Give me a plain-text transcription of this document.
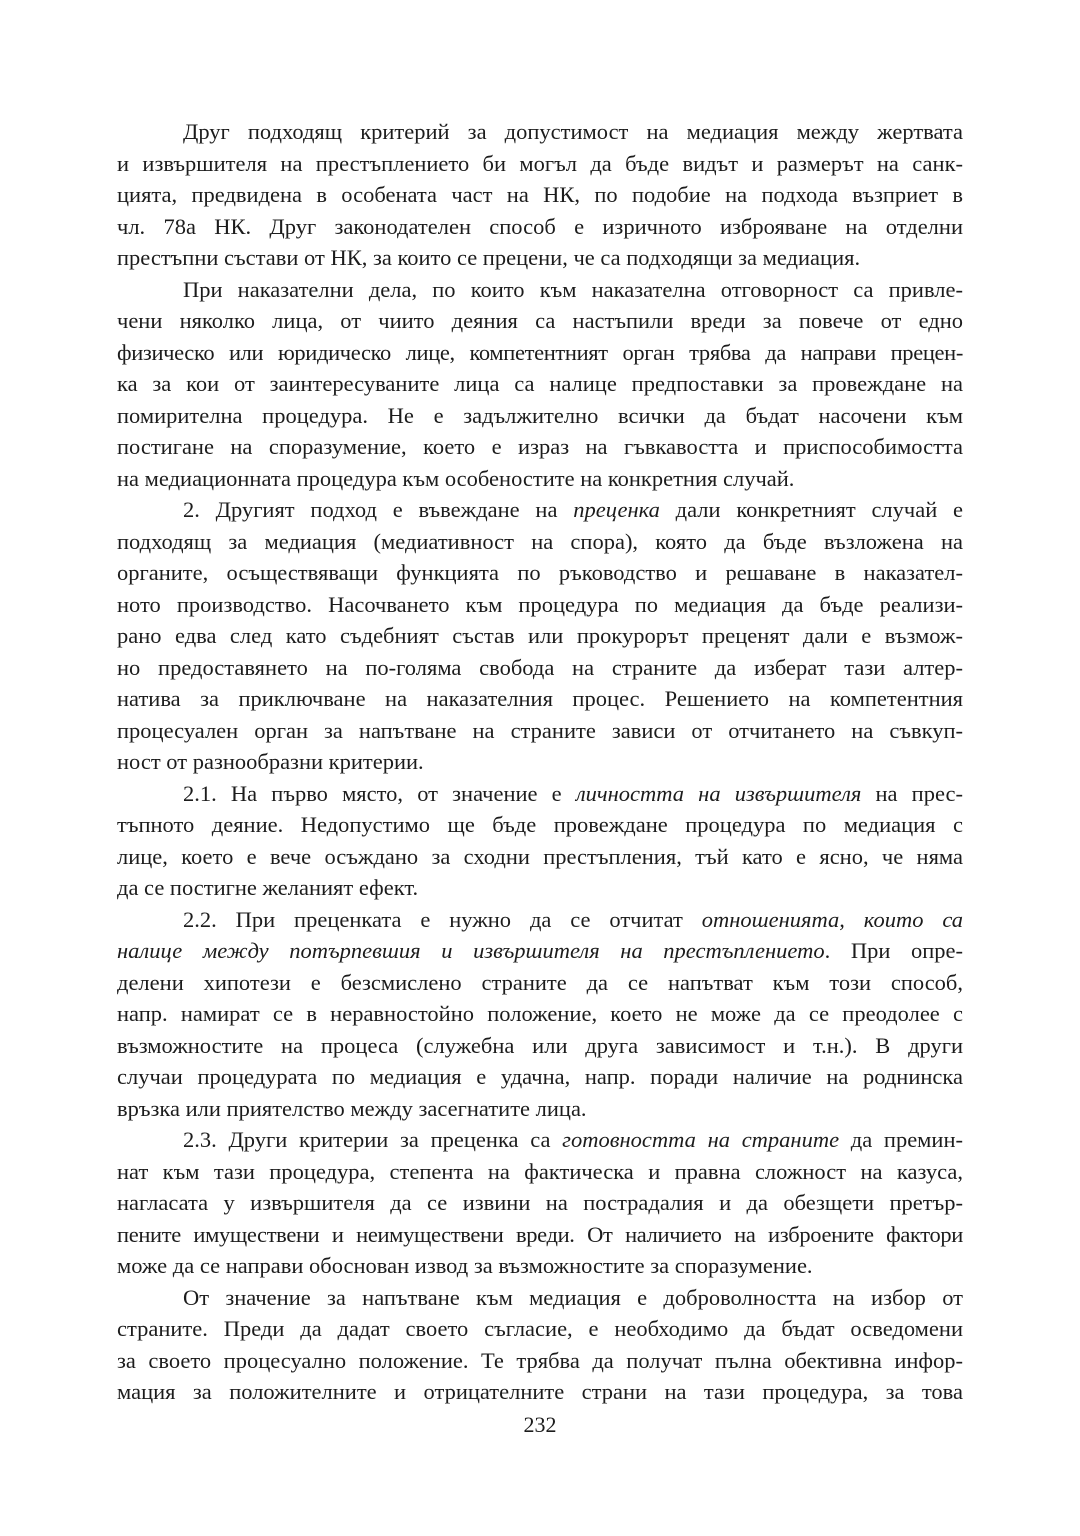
Друг подходящ критерий за допустимост на медиация между жертвата
и извършителя на престъплението би могъл да бъде видът и размерът на санк-
цията, предвидена в особената част на НК, по подобие на подхода възприет в
чл. 78а НК. Друг законодателен способ е изричното изброяване на отделни
престъпни състави от НК, за които се прецени, че са подходящи за медиация.
При наказателни дела, по които към наказателна отговорност са привле-
чени няколко лица, от чиито деяния са настъпили вреди за повече от едно
физическо или юридическо лице, компетентният орган трябва да направи прецен-
ка за кои от заинтересуваните лица са налице предпоставки за провеждане на
помирителна процедура. Не е задължително всички да бъдат насочени към
постигане на споразумение, което е израз на гъвкавостта и приспособимостта
на медиационната процедура към особеностите на конкретния случай.
2. Другият подход е въвеждане на преценка дали конкретният случай е
подходящ за медиация (медиативност на спора), която да бъде възложена на
органите, осъществяващи функцията по ръководство и решаване в наказател-
ното производство. Насочването към процедура по медиация да бъде реализи-
рано едва след като съдебният състав или прокурорът преценят дали е възмож-
но предоставянето на по-голяма свобода на страните да изберат тази алтер-
натива за приключване на наказателния процес. Решението на компетентния
процесуален орган за напътване на страните зависи от отчитането на съвкуп-
ност от разнообразни критерии.
2.1. На първо място, от значение е личността на извършителя на прес-
тъпното деяние. Недопустимо ще бъде провеждане процедура по медиация с
лице, което е вече осъждано за сходни престъпления, тъй като е ясно, че няма
да се постигне желаният ефект.
2.2. При преценката е нужно да се отчитат отношенията, които са
налице между потърпевшия и извършителя на престъплението. При опре-
делени хипотези е безсмислено страните да се напътват към този способ,
напр. намират се в неравностойно положение, което не може да се преодолее с
възможностите на процеса (служебна или друга зависимост и т.н.). В други
случаи процедурата по медиация е удачна, напр. поради наличие на роднинска
връзка или приятелство между засегнатите лица.
2.3. Други критерии за преценка са готовността на страните да премин-
нат към тази процедура, степента на фактическа и правна сложност на казуса,
нагласата у извършителя да се извини на пострадалия и да обезщети претър-
пените имуществени и неимуществени вреди. От наличието на изброените фактори
може да се направи обоснован извод за възможностите за споразумение.
От значение за напътване към медиация е доброволността на избор от
страните. Преди да дадат своето съгласие, е необходимо да бъдат осведомени
за своето процесуално положение. Те трябва да получат пълна обективна инфор-
мация за положителните и отрицателните страни на тази процедура, за това
232
